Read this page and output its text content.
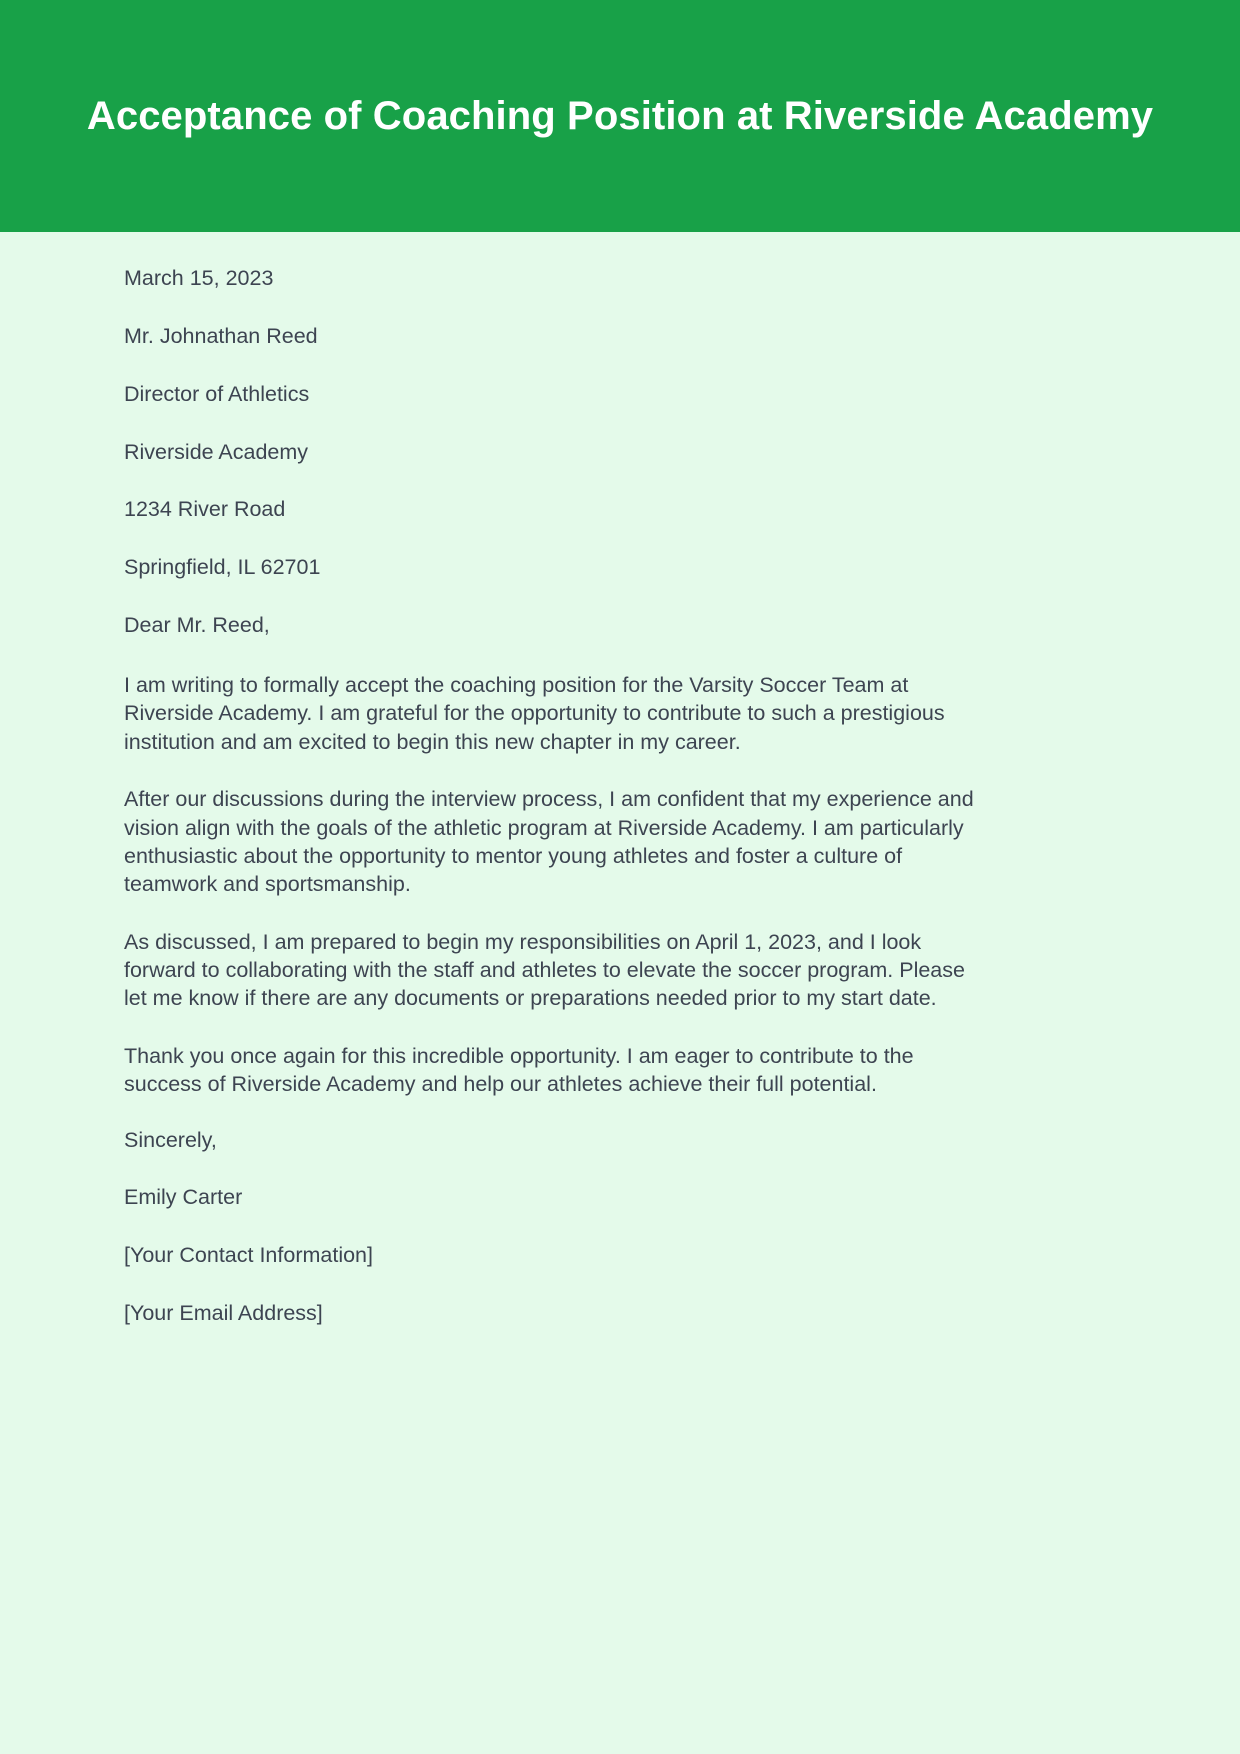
Acceptance of Coaching Position at Riverside Academy

March 15, 2023

Mr. Johnathan Reed

Director of Athletics

Riverside Academy

1234 River Road

Springfield, IL 62701

Dear Mr. Reed,

I am writing to formally accept the coaching position for the Varsity Soccer Team at Riverside Academy. I am grateful for the opportunity to contribute to such a prestigious institution and am excited to begin this new chapter in my career.

After our discussions during the interview process, I am confident that my experience and vision align with the goals of the athletic program at Riverside Academy. I am particularly enthusiastic about the opportunity to mentor young athletes and foster a culture of teamwork and sportsmanship.

As discussed, I am prepared to begin my responsibilities on April 1, 2023, and I look forward to collaborating with the staff and athletes to elevate the soccer program. Please let me know if there are any documents or preparations needed prior to my start date.

Thank you once again for this incredible opportunity. I am eager to contribute to the success of Riverside Academy and help our athletes achieve their full potential.

Sincerely,

Emily Carter

[Your Contact Information]

[Your Email Address]
